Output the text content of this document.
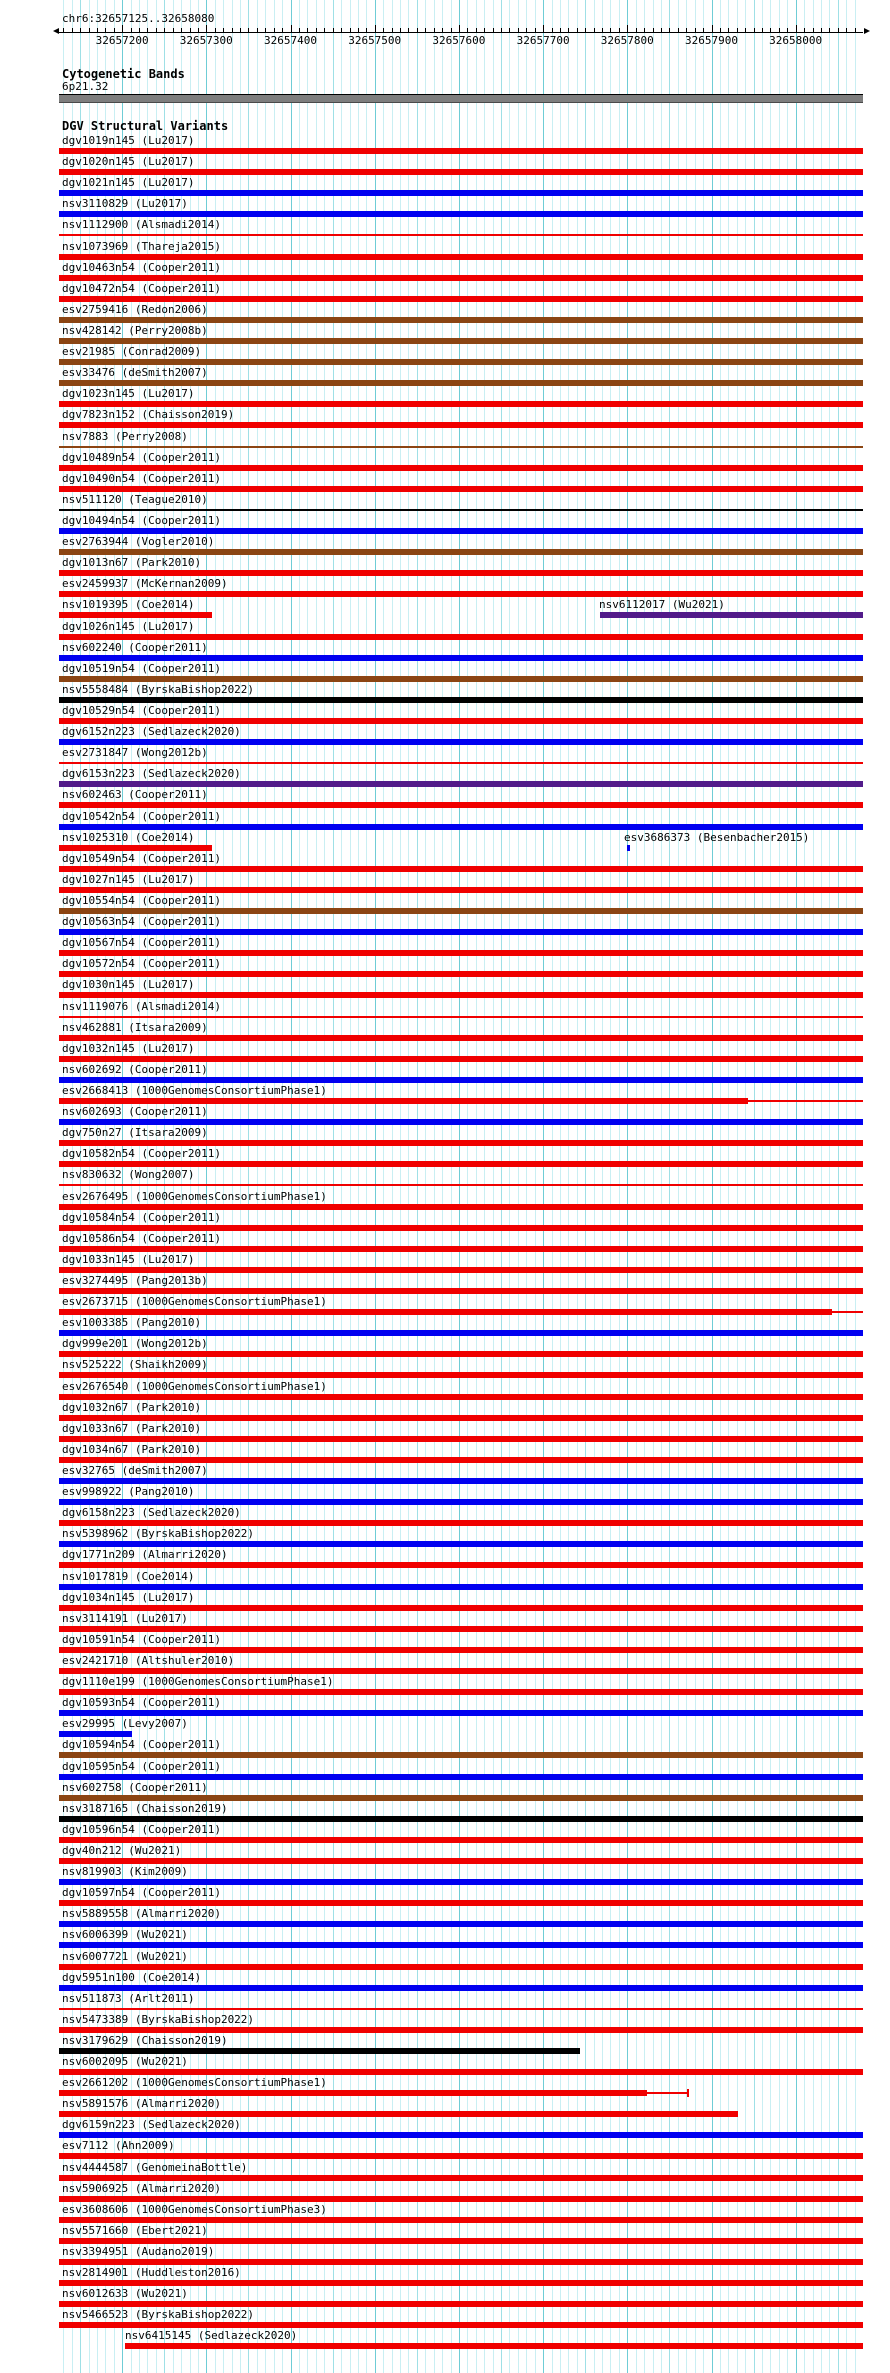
chr6:32657125..32658080
32657200	32657300	32657400	32657500	32657600	32657700	32657800	32657900	32658000
Cytogenetic Bands
6p21.32
DGV Structural Variants
dgv1019n145 (Lu2017)
dgv1020n145 (Lu2017)
dgv1021n145 (Lu2017)
nsv3110829 (Lu2017)
nsv1112900 (Alsmadi2014)
nsv1073969 (Thareja2015)
dgv10463n54 (Cooper2011)
dgv10472n54 (Cooper2011)
esv2759416 (Redon2006)
nsv428142 (Perry2008b)
esv21985 (Conrad2009)
esv33476 (deSmith2007)
dgv1023n145 (Lu2017)
dgv7823n152 (Chaisson2019)
nsv7883 (Perry2008)
dgv10489n54 (Cooper2011)
dgv10490n54 (Cooper2011)
nsv511120 (Teague2010)
dgv10494n54 (Cooper2011)
esv2763944 (Vogler2010)
dgv1013n67 (Park2010)
esv2459937 (McKernan2009)
nsv1019395 (Coe2014)	nsv6112017 (Wu2021)
dgv1026n145 (Lu2017)
nsv602240 (Cooper2011)
dgv10519n54 (Cooper2011)
nsv5558484 (ByrskaBishop2022)
dgv10529n54 (Cooper2011)
dgv6152n223 (Sedlazeck2020)
esv2731847 (Wong2012b)
dgv6153n223 (Sedlazeck2020)
nsv602463 (Cooper2011)
dgv10542n54 (Cooper2011)
nsv1025310 (Coe2014)	esv3686373 (Besenbacher2015)
dgv10549n54 (Cooper2011)
dgv1027n145 (Lu2017)
dgv10554n54 (Cooper2011)
dgv10563n54 (Cooper2011)
dgv10567n54 (Cooper2011)
dgv10572n54 (Cooper2011)
dgv1030n145 (Lu2017)
nsv1119076 (Alsmadi2014)
nsv462881 (Itsara2009)
dgv1032n145 (Lu2017)
nsv602692 (Cooper2011)
esv2668413 (1000GenomesConsortiumPhase1)
nsv602693 (Cooper2011)
dgv750n27 (Itsara2009)
dgv10582n54 (Cooper2011)
nsv830632 (Wong2007)
esv2676495 (1000GenomesConsortiumPhase1)
dgv10584n54 (Cooper2011)
dgv10586n54 (Cooper2011)
dgv1033n145 (Lu2017)
esv3274495 (Pang2013b)
esv2673715 (1000GenomesConsortiumPhase1)
esv1003385 (Pang2010)
dgv999e201 (Wong2012b)
nsv525222 (Shaikh2009)
esv2676540 (1000GenomesConsortiumPhase1)
dgv1032n67 (Park2010)
dgv1033n67 (Park2010)
dgv1034n67 (Park2010)
esv32765 (deSmith2007)
esv998922 (Pang2010)
dgv6158n223 (Sedlazeck2020)
nsv5398962 (ByrskaBishop2022)
dgv1771n209 (Almarri2020)
nsv1017819 (Coe2014)
dgv1034n145 (Lu2017)
nsv3114191 (Lu2017)
dgv10591n54 (Cooper2011)
esv2421710 (Altshuler2010)
dgv1110e199 (1000GenomesConsortiumPhase1)
dgv10593n54 (Cooper2011)
esv29995 (Levy2007)
dgv10594n54 (Cooper2011)
dgv10595n54 (Cooper2011)
nsv602758 (Cooper2011)
nsv3187165 (Chaisson2019)
dgv10596n54 (Cooper2011)
dgv40n212 (Wu2021)
nsv819903 (Kim2009)
dgv10597n54 (Cooper2011)
nsv5889558 (Almarri2020)
nsv6006399 (Wu2021)
nsv6007721 (Wu2021)
dgv5951n100 (Coe2014)
nsv511873 (Arlt2011)
nsv5473389 (ByrskaBishop2022)
nsv3179629 (Chaisson2019)
nsv6002095 (Wu2021)
esv2661202 (1000GenomesConsortiumPhase1)
nsv5891576 (Almarri2020)
dgv6159n223 (Sedlazeck2020)
esv7112 (Ahn2009)
nsv4444587 (GenomeinaBottle)
nsv5906925 (Almarri2020)
esv3608606 (1000GenomesConsortiumPhase3)
nsv5571660 (Ebert2021)
nsv3394951 (Audano2019)
nsv2814901 (Huddleston2016)
nsv6012633 (Wu2021)
nsv5466523 (ByrskaBishop2022)
nsv6415145 (Sedlazeck2020)
